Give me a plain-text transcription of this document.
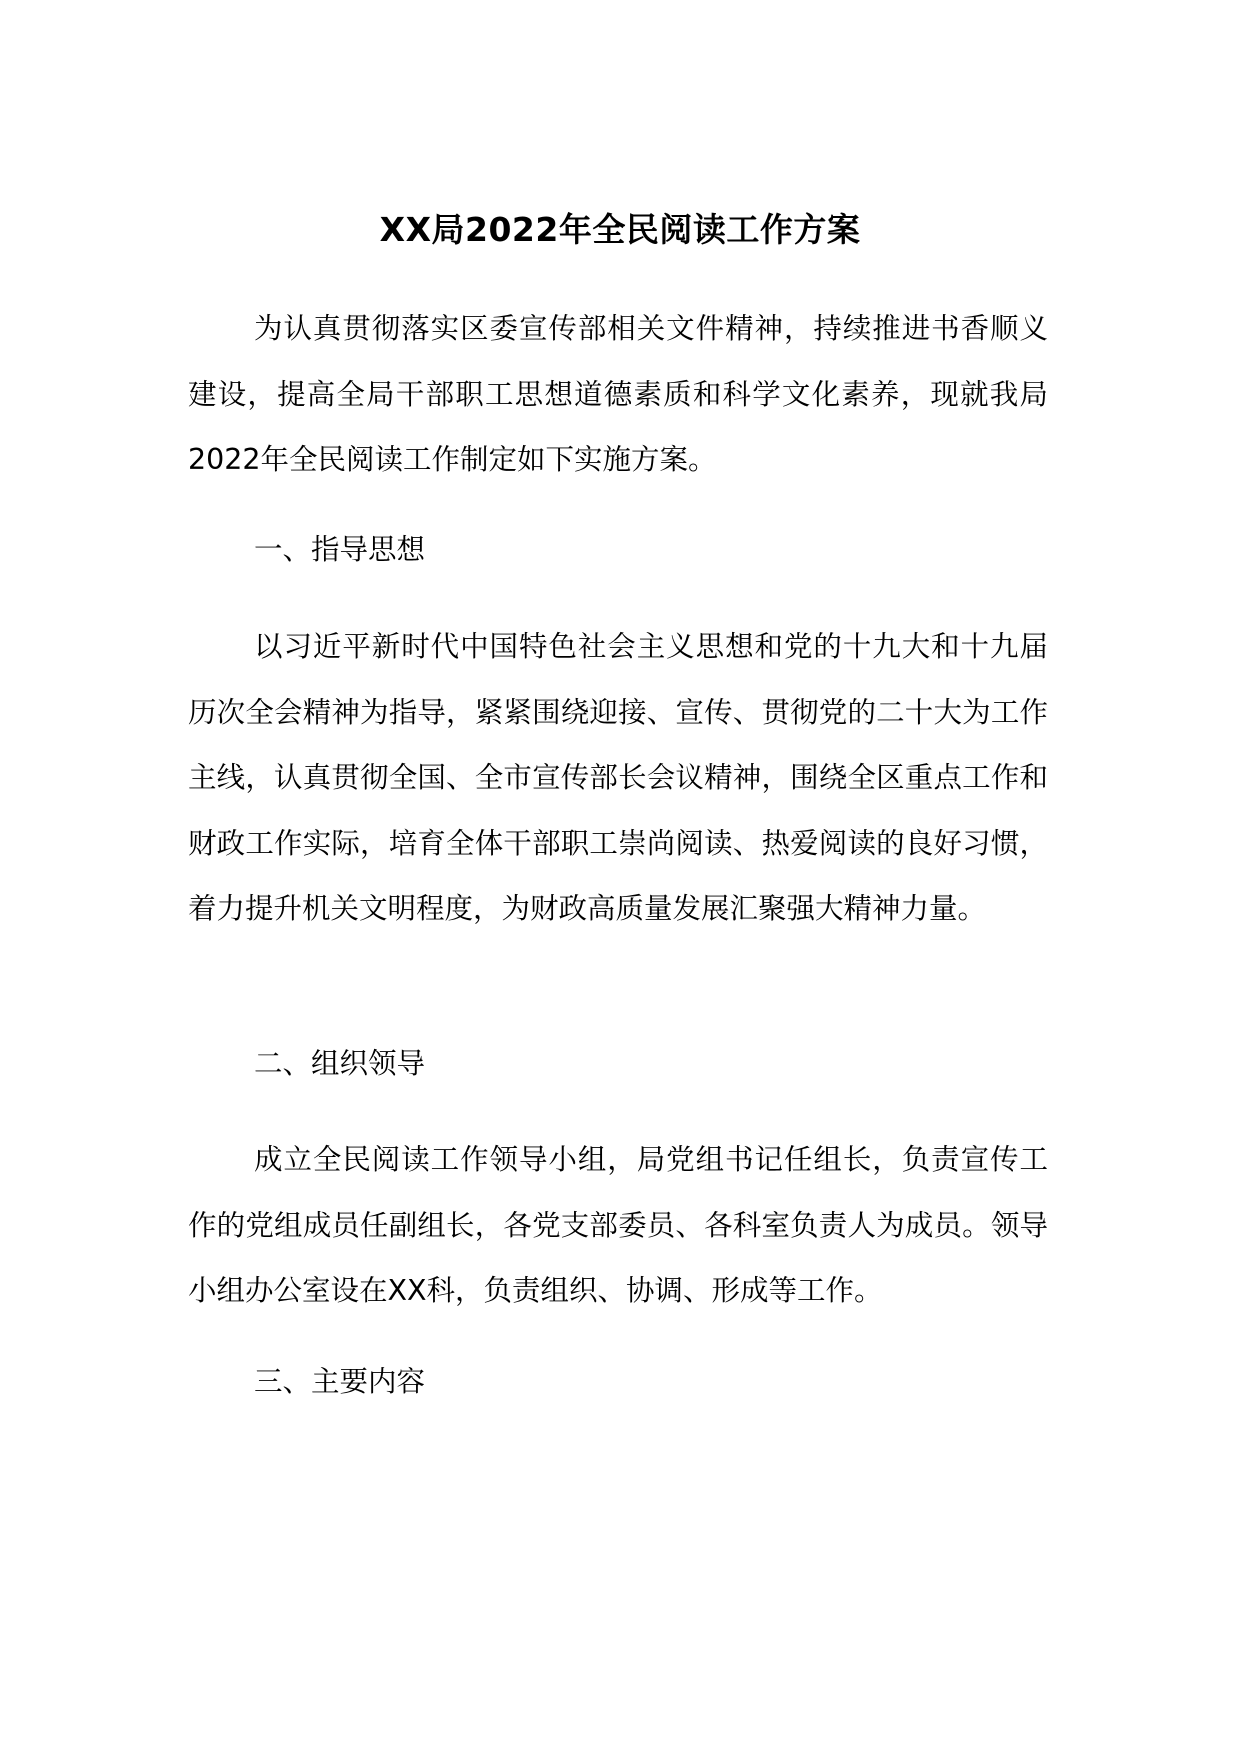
XX局2022年全民阅读工作方案

为认真贯彻落实区委宣传部相关文件精神，持续推进书香顺义建设，提高全局干部职工思想道德素质和科学文化素养，现就我局2022年全民阅读工作制定如下实施方案。

一、指导思想

以习近平新时代中国特色社会主义思想和党的十九大和十九届历次全会精神为指导，紧紧围绕迎接、宣传、贯彻党的二十大为工作主线，认真贯彻全国、全市宣传部长会议精神，围绕全区重点工作和财政工作实际，培育全体干部职工崇尚阅读、热爱阅读的良好习惯，着力提升机关文明程度，为财政高质量发展汇聚强大精神力量。

二、组织领导

成立全民阅读工作领导小组，局党组书记任组长，负责宣传工作的党组成员任副组长，各党支部委员、各科室负责人为成员。领导小组办公室设在XX科，负责组织、协调、形成等工作。

三、主要内容
